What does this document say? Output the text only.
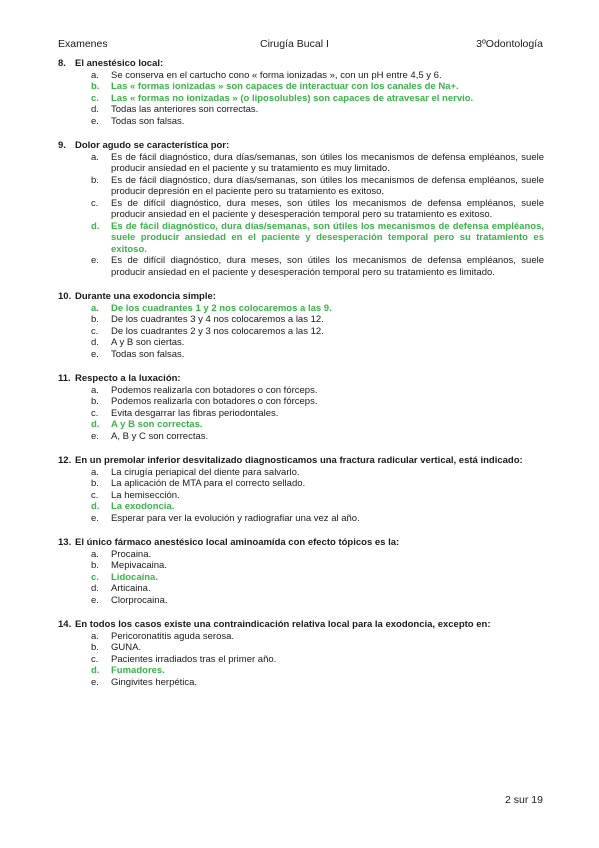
Examenes	Cirugía Bucal I	3ºOdontología
8. El anestésico local:
a.	Se conserva en el cartucho cono « forma ionizadas », con un pH entre 4,5 y 6.
b.	Las « formas ionizadas » son capaces de interactuar con los canales de Na+.
c.	Las « formas no ionizadas » (o liposolubles) son capaces de atravesar el nervio.
d.	Todas las anteriores son correctas.
e.	Todas son falsas.
9. Dolor agudo se característica por:
a.	Es de fácil diagnóstico, dura días/semanas, son útiles los mecanismos de defensa empléanos, suele producir ansiedad en el paciente y su tratamiento es muy limitado.
b.	Es de fácil diagnóstico, dura días/semanas, son útiles los mecanismos de defensa empléanos, suele producir depresión en el paciente pero su tratamiento es exitoso.
c.	Es de difícil diagnóstico, dura meses, son útiles los mecanismos de defensa empléanos, suele producir ansiedad en el paciente y desesperación temporal pero su tratamiento es exitoso.
d.	Es de fácil diagnóstico, dura días/semanas, son útiles los mecanismos de defensa empléanos, suele producir ansiedad en el paciente y desesperación temporal pero su tratamiento es exitoso.
e.	Es de difícil diagnóstico, dura meses, son útiles los mecanismos de defensa empléanos, suele producir ansiedad en el paciente y desesperación temporal pero su tratamiento es limitado.
10. Durante una exodoncia simple:
a.	De los cuadrantes 1 y 2 nos colocaremos a las 9.
b.	De los cuadrantes 3 y 4 nos colocaremos a las 12.
c.	De los cuadrantes 2 y 3 nos colocaremos a las 12.
d.	A y B son ciertas.
e.	Todas son falsas.
11. Respecto a la luxación:
a.	Podemos realizarla con botadores o con fórceps.
b.	Podemos realizarla con botadores o con fórceps.
c.	Evita desgarrar las fibras periodontales.
d.	A y B son correctas.
e.	A, B y C son correctas.
12. En un premolar inferior desvitalizado diagnosticamos una fractura radicular vertical, está indicado:
a.	La cirugía periapical del diente para salvarlo.
b.	La aplicación de MTA para el correcto sellado.
c.	La hemisección.
d.	La exodoncia.
e.	Esperar para ver la evolución y radiografiar una vez al año.
13. El único fármaco anestésico local aminoamída con efecto tópicos es la:
a.	Procaina.
b.	Mepivacaina.
c.	Lidocaína.
d.	Articaina.
e.	Clorprocaina.
14. En todos los casos existe una contraindicación relativa local para la exodoncia, excepto en:
a.	Pericoronatitis aguda serosa.
b.	GUNA.
c.	Pacientes irradiados tras el primer año.
d.	Fumadores.
e.	Gingivites herpética.
2 sur 19
